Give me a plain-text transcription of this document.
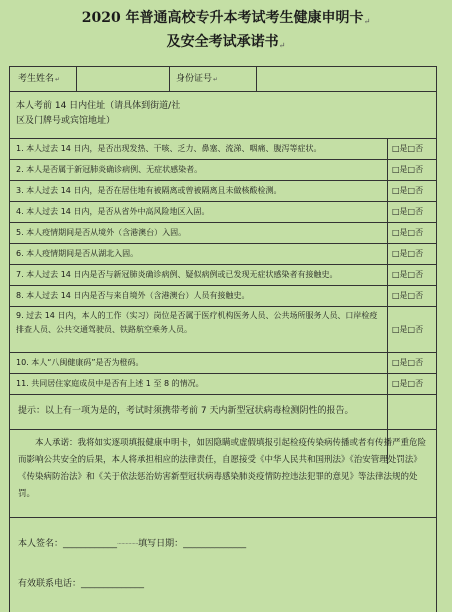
2020 年普通高校专升本考试考生健康申明卡↵
及安全考试承诺书↵
考生姓名↵	身份证号↵
本人考前 14 日内住址（请具体到街道/社
区及门牌号或宾馆地址）
1. 本人过去 14 日内，是否出现发热、干咳、乏力、鼻塞、流涕、咽痛、腹泻等症状。	□是□否
2. 本人是否属于新冠肺炎确诊病例、无症状感染者。	□是□否
3. 本人过去 14 日内，是否在居住地有被隔离或曾被隔离且未做核酸检测。	□是□否
4. 本人过去 14 日内，是否从省外中高风险地区入固。	□是□否
5. 本人疫情期间是否从境外（含港澳台）入固。	□是□否
6. 本人疫情期间是否从湖北入固。	□是□否
7. 本人过去 14 日内是否与新冠肺炎确诊病例、疑似病例或已发现无症状感染者有接触史。	□是□否
8. 本人过去 14 日内是否与来自境外（含港澳台）人员有接触史。	□是□否
9. 过去 14 日内，本人的工作（实习）岗位是否属于医疗机构医务人员、公共场所服务人员、口岸检疫排查人员、公共交通驾驶员、铁路航空乘务人员。	□是□否
10. 本人“八闽健康码”是否为橙码。	□是□否
11. 共同居住家庭成员中是否有上述 1 至 8 的情况。	□是□否
提示：以上有一项为是的，考试时须携带考前 7 天内新型冠状病毒检测阴性的报告。
本人承诺：我将如实逐项填报健康申明卡，如因隐瞒或虚假填报引起检疫传染病传播或者有传播严重危险而影响公共安全的后果，本人将承担相应的法律责任，自愿接受《中华人民共和国刑法》《治安管理处罚法》《传染病防治法》和《关于依法惩治妨害新型冠状病毒感染肺炎疫情防控违法犯罪的意见》等法律法规的处罚。
本人签名：____________···············填写日期：______________
有效联系电话：______________
